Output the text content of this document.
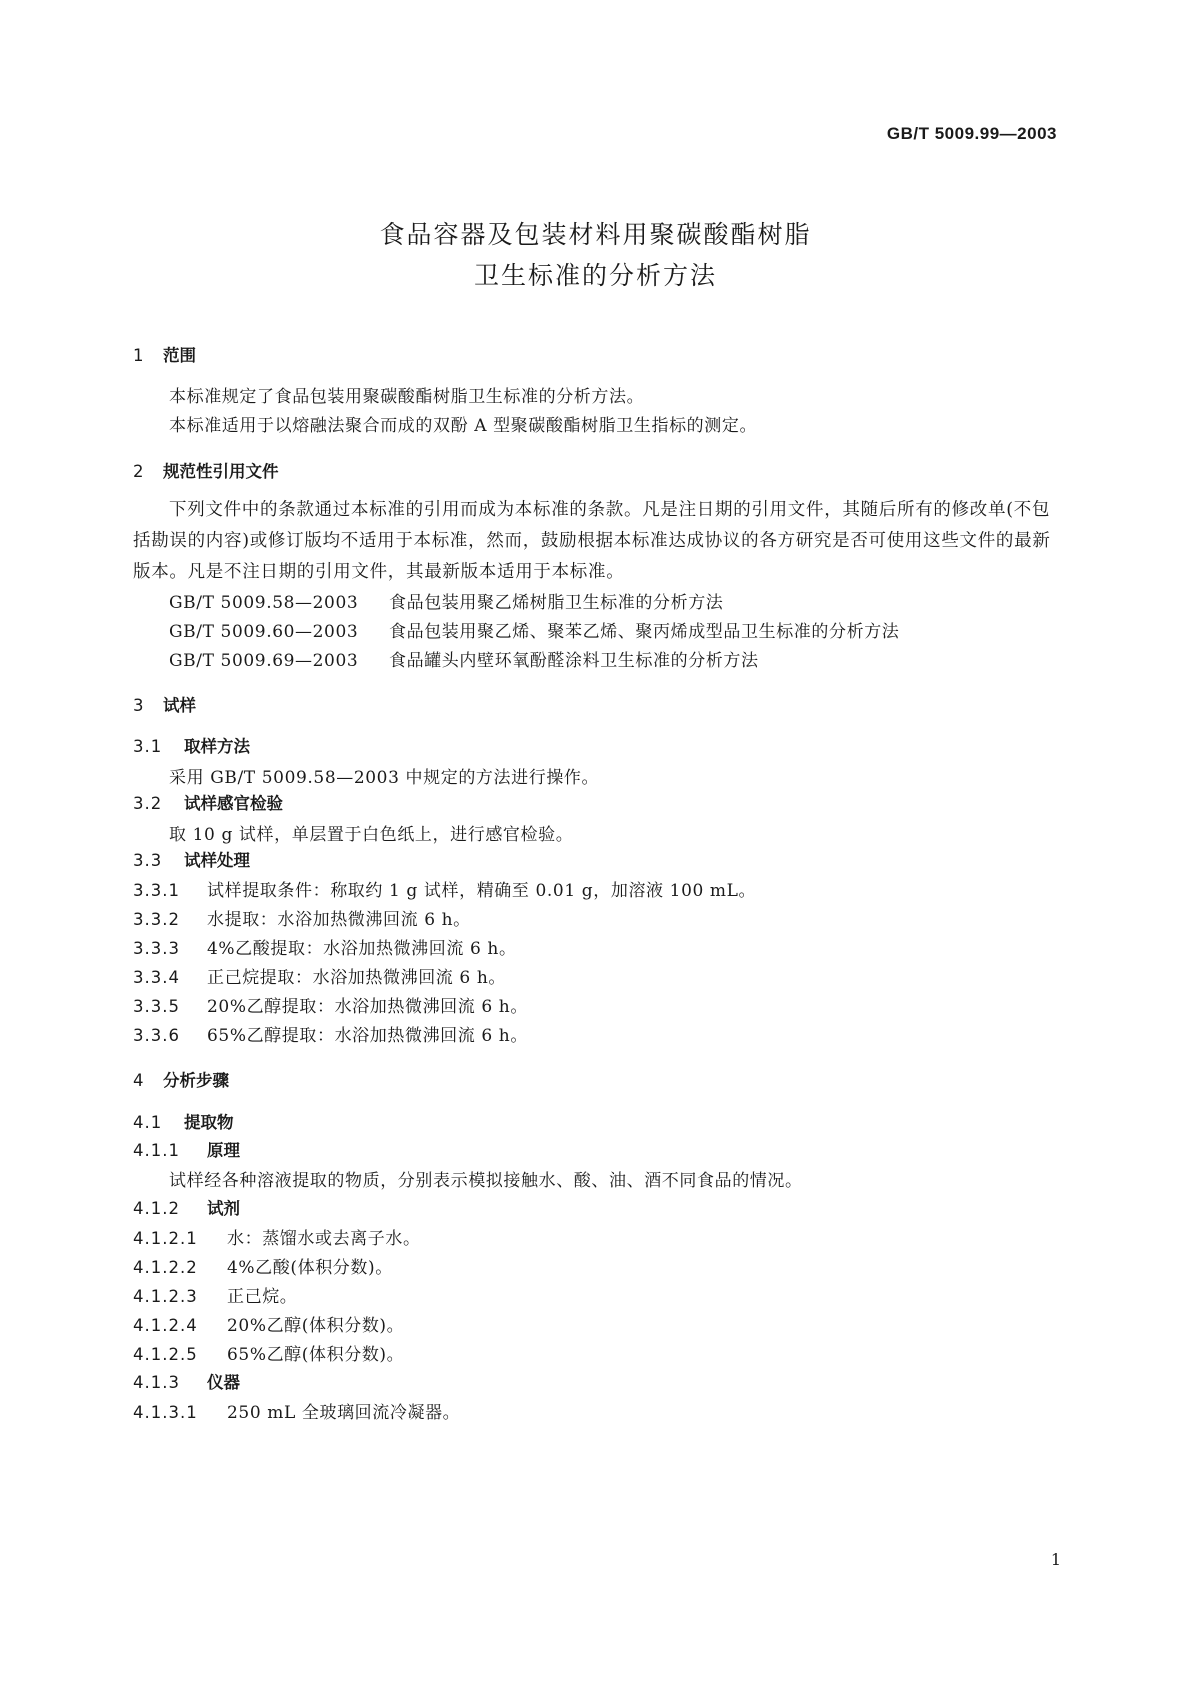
GB/T 5009.99—2003
食品容器及包装材料用聚碳酸酯树脂
卫生标准的分析方法
1 范围
本标准规定了食品包装用聚碳酸酯树脂卫生标准的分析方法。
本标准适用于以熔融法聚合而成的双酚 A 型聚碳酸酯树脂卫生指标的测定。
2 规范性引用文件
下列文件中的条款通过本标准的引用而成为本标准的条款。凡是注日期的引用文件，其随后所有的修改单(不包括勘误的内容)或修订版均不适用于本标准，然而，鼓励根据本标准达成协议的各方研究是否可使用这些文件的最新版本。凡是不注日期的引用文件，其最新版本适用于本标准。
GB/T 5009.58—2003 食品包装用聚乙烯树脂卫生标准的分析方法
GB/T 5009.60—2003 食品包装用聚乙烯、聚苯乙烯、聚丙烯成型品卫生标准的分析方法
GB/T 5009.69—2003 食品罐头内壁环氧酚醛涂料卫生标准的分析方法
3 试样
3.1 取样方法
采用 GB/T 5009.58—2003 中规定的方法进行操作。
3.2 试样感官检验
取 10 g 试样，单层置于白色纸上，进行感官检验。
3.3 试样处理
3.3.1 试样提取条件：称取约 1 g 试样，精确至 0.01 g，加溶液 100 mL。
3.3.2 水提取：水浴加热微沸回流 6 h。
3.3.3 4%乙酸提取：水浴加热微沸回流 6 h。
3.3.4 正己烷提取：水浴加热微沸回流 6 h。
3.3.5 20%乙醇提取：水浴加热微沸回流 6 h。
3.3.6 65%乙醇提取：水浴加热微沸回流 6 h。
4 分析步骤
4.1 提取物
4.1.1 原理
试样经各种溶液提取的物质，分别表示模拟接触水、酸、油、酒不同食品的情况。
4.1.2 试剂
4.1.2.1 水：蒸馏水或去离子水。
4.1.2.2 4%乙酸(体积分数)。
4.1.2.3 正己烷。
4.1.2.4 20%乙醇(体积分数)。
4.1.2.5 65%乙醇(体积分数)。
4.1.3 仪器
4.1.3.1 250 mL 全玻璃回流冷凝器。
1
